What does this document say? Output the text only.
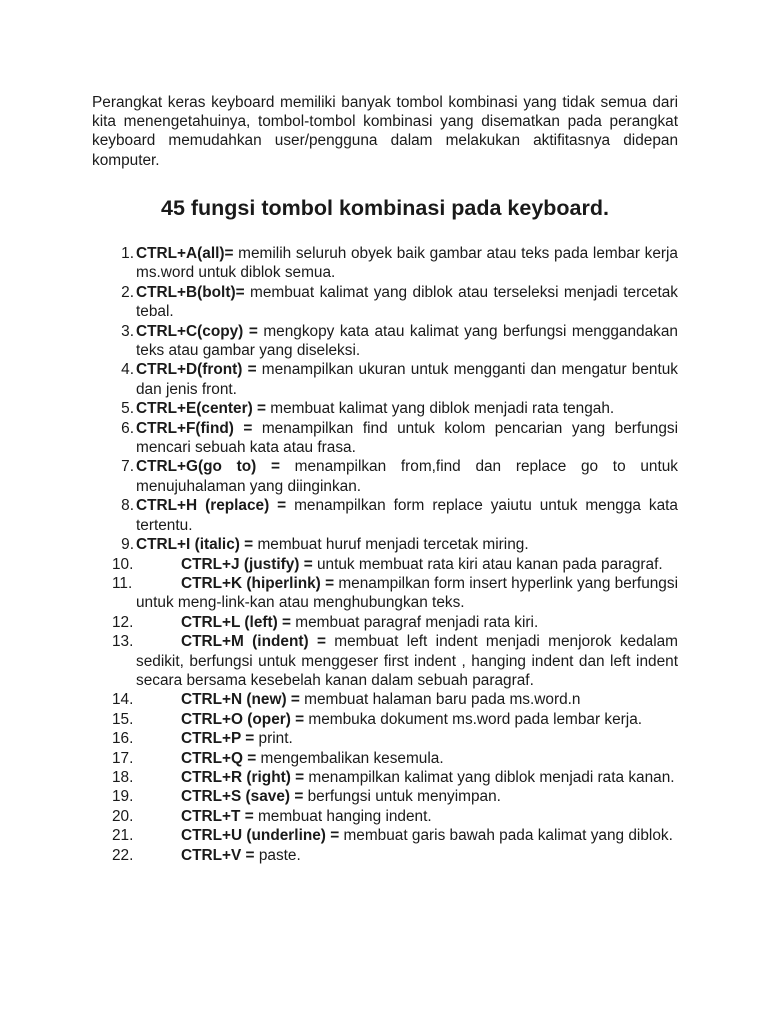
Perangkat keras keyboard memiliki banyak tombol kombinasi yang tidak semua dari kita menengetahuinya, tombol-tombol kombinasi yang disematkan pada perangkat keyboard memudahkan user/pengguna dalam melakukan aktifitasnya didepan komputer.

45 fungsi tombol kombinasi pada keyboard.
1. CTRL+A(all)= memilih seluruh obyek baik gambar atau teks pada lembar kerja ms.word untuk diblok semua.
2. CTRL+B(bolt)= membuat kalimat yang diblok atau terseleksi menjadi tercetak tebal.
3. CTRL+C(copy) = mengkopy kata atau kalimat yang berfungsi menggandakan teks atau gambar yang diseleksi.
4. CTRL+D(front) = menampilkan ukuran untuk mengganti dan mengatur bentuk dan jenis front.
5. CTRL+E(center) = membuat kalimat yang diblok menjadi rata tengah.
6. CTRL+F(find) = menampilkan find untuk kolom pencarian yang berfungsi mencari sebuah kata atau frasa.
7. CTRL+G(go to) = menampilkan from,find dan replace go to untuk menujuhalaman yang diinginkan.
8. CTRL+H (replace) = menampilkan form replace yaiutu untuk mengga kata tertentu.
9. CTRL+I (italic) = membuat huruf menjadi tercetak miring.
10.	CTRL+J (justify) = untuk membuat rata kiri atau kanan pada paragraf.
11.	CTRL+K (hiperlink) = menampilkan form insert hyperlink yang berfungsi untuk meng-link-kan atau menghubungkan teks.
12.	CTRL+L (left) = membuat paragraf menjadi rata kiri.
13.	CTRL+M (indent) = membuat left indent menjadi menjorok kedalam sedikit, berfungsi untuk menggeser first indent , hanging indent dan left indent secara bersama kesebelah kanan dalam sebuah paragraf.
14.	CTRL+N (new) = membuat halaman baru pada ms.word.n
15.	CTRL+O (oper) = membuka dokument ms.word pada lembar kerja.
16.	CTRL+P = print.
17.	CTRL+Q = mengembalikan kesemula.
18.	CTRL+R (right) = menampilkan kalimat yang diblok menjadi rata kanan.
19.	CTRL+S (save) = berfungsi untuk menyimpan.
20.	CTRL+T = membuat hanging indent.
21.	CTRL+U (underline) = membuat garis bawah pada kalimat yang diblok.
22.	CTRL+V = paste.
